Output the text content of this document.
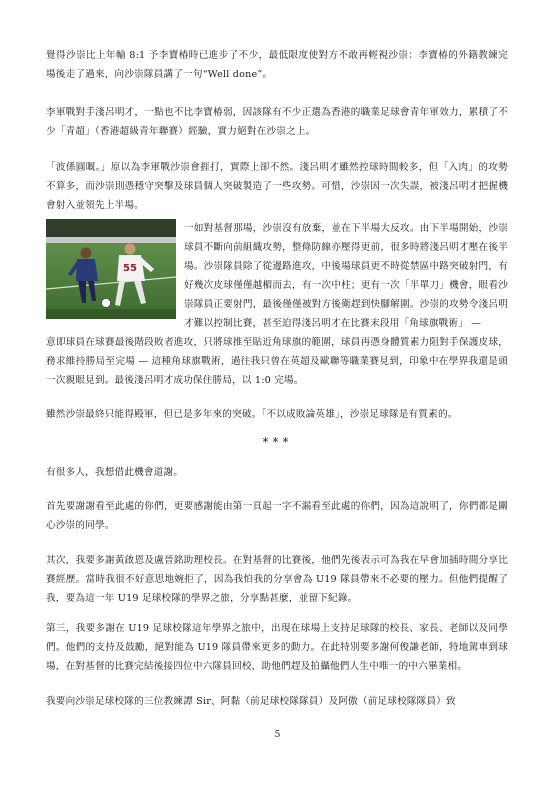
覺得沙崇比上年輸 8:1 予李寶椿時已進步了不少，最低限度使對方不敢再輕視沙崇：李寶椿的外籍教練完場後走了過來，向沙崇隊員講了一句“Well done”。

李軍戰對手淺呂明才，一點也不比李寶椿弱，因該隊有不少正選為香港的職業足球會青年軍效力，累積了不少「青超」（香港超級青年聯賽）經驗，實力絕對在沙崇之上。

「波係圓嘅。」原以為李軍戰沙崇會捱打，實際上卻不然。淺呂明才雖然控球時間較多，但「入肉」的攻勢不算多，而沙崇則憑穩守突擊及球員個人突破製造了一些攻勢。可惜，沙崇因一次失誤，被淺呂明才把握機會射入並領先上半場。

55

一如對基督那場，沙崇沒有放棄，並在下半場大反攻。由下半場開始，沙崇球員不斷向前組織攻勢，整條防線亦壓得更前，很多時將淺呂明才壓在後半場。沙崇隊員除了從邊路進攻，中後場球員更不時從禁區中路突破射門，有好幾次皮球僅僅越楣而去，有一次中柱；更有一次「半單刀」機會，眼看沙崇隊員正要射門，最後僅僅被對方後衛趕到快腳解圍。沙崇的攻勢令淺呂明才難以控制比賽，甚至迫得淺呂明才在比賽末段用「角球旗戰術」 —

意即球員在球賽最後階段敗者進攻，只將球推至貼近角球旗的範圍，球員再憑身體質素力阻對手保護皮球，務求維持勝局至完場 — 這種角球旗戰術，過往我只曾在英超及歐聯等職業賽見到，印象中在學界我還是頭一次親眼見到。最後淺呂明才成功保住勝局，以 1:0 完場。

雖然沙崇最終只能得殿軍，但已是多年來的突破。「不以成敗論英雄」，沙崇足球隊是有質素的。

***

有很多人，我想借此機會道謝。

首先要謝謝看至此處的你們，更要感謝能由第一頁起一字不漏看至此處的你們，因為這說明了，你們都是關心沙崇的同學。

其次，我要多謝黃啟恩及盧晉銘助理校長。在對基督的比賽後，他們先後表示可為我在早會加插時間分享比賽經歷。當時我很不好意思地婉拒了，因為我怕我的分享會為 U19 隊員帶來不必要的壓力。但他們提醒了我，要為這一年 U19 足球校隊的學界之旅，分享點甚麼，並留下紀錄。

第三，我要多謝在 U19 足球校隊這年學界之旅中，出現在球場上支持足球隊的校長、家長、老師以及同學們。他們的支持及鼓勵，絕對能為 U19 隊員帶來更多的動力。在此特別要多謝何俊謙老師，特地駕車到球場，在對基督的比賽完結後接四位中六隊員回校，助他們趕及拍攝他們人生中唯一的中六畢業相。

我要向沙崇足球校隊的三位教練譚 Sir、阿黏（前足球校隊隊員）及阿傲（前足球校隊隊員）致

5
